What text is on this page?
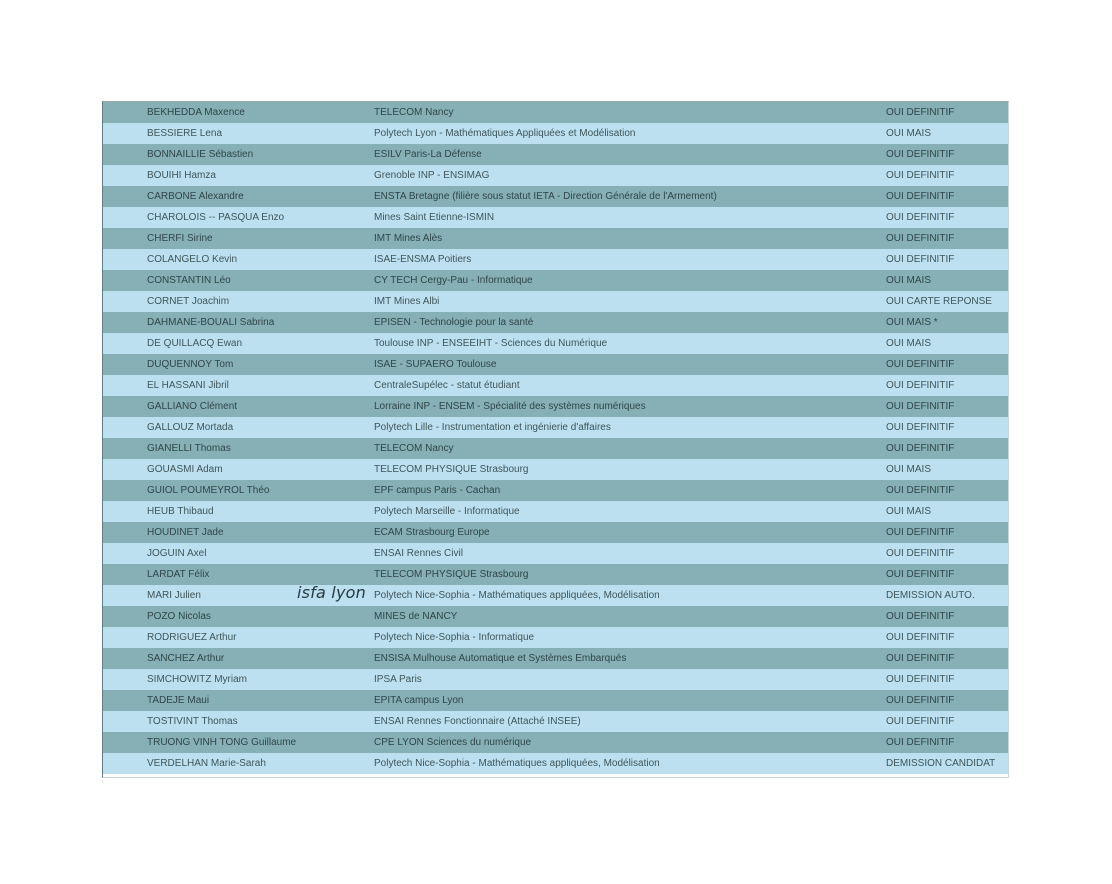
BEKHEDDA Maxence	TELECOM Nancy	OUI DEFINITIF
BESSIERE Lena	Polytech Lyon - Mathématiques Appliquées et Modélisation	OUI MAIS
BONNAILLIE Sébastien	ESILV Paris-La Défense	OUI DEFINITIF
BOUIHI Hamza	Grenoble INP - ENSIMAG	OUI DEFINITIF
CARBONE Alexandre	ENSTA Bretagne (filière sous statut IETA - Direction Générale de l'Armement)	OUI DEFINITIF
CHAROLOIS -- PASQUA Enzo	Mines Saint Etienne-ISMIN	OUI DEFINITIF
CHERFI Sirine	IMT Mines Alès	OUI DEFINITIF
COLANGELO Kevin	ISAE-ENSMA Poitiers	OUI DEFINITIF
CONSTANTIN Léo	CY TECH Cergy-Pau - Informatique	OUI MAIS
CORNET Joachim	IMT Mines Albi	OUI CARTE REPONSE
DAHMANE-BOUALI Sabrina	EPISEN - Technologie pour la santé	OUI MAIS *
DE QUILLACQ Ewan	Toulouse INP - ENSEEIHT - Sciences du Numérique	OUI MAIS
DUQUENNOY Tom	ISAE - SUPAERO Toulouse	OUI DEFINITIF
EL HASSANI Jibril	CentraleSupélec - statut étudiant	OUI DEFINITIF
GALLIANO Clément	Lorraine INP - ENSEM - Spécialité des systèmes numériques	OUI DEFINITIF
GALLOUZ Mortada	Polytech Lille - Instrumentation et ingénierie d'affaires	OUI DEFINITIF
GIANELLI Thomas	TELECOM Nancy	OUI DEFINITIF
GOUASMI Adam	TELECOM PHYSIQUE Strasbourg	OUI MAIS
GUIOL POUMEYROL Théo	EPF campus Paris - Cachan	OUI DEFINITIF
HEUB Thibaud	Polytech Marseille - Informatique	OUI MAIS
HOUDINET Jade	ECAM Strasbourg Europe	OUI DEFINITIF
JOGUIN Axel	ENSAI Rennes Civil	OUI DEFINITIF
LARDAT Félix	TELECOM PHYSIQUE Strasbourg	OUI DEFINITIF
MARI Julien	isfa lyon Polytech Nice-Sophia - Mathématiques appliquées, Modélisation	DEMISSION AUTO.
POZO Nicolas	MINES de NANCY	OUI DEFINITIF
RODRIGUEZ Arthur	Polytech Nice-Sophia - Informatique	OUI DEFINITIF
SANCHEZ Arthur	ENSISA Mulhouse Automatique et Systèmes Embarqués	OUI DEFINITIF
SIMCHOWITZ Myriam	IPSA Paris	OUI DEFINITIF
TADEJE Maui	EPITA campus Lyon	OUI DEFINITIF
TOSTIVINT Thomas	ENSAI Rennes Fonctionnaire (Attaché INSEE)	OUI DEFINITIF
TRUONG VINH TONG Guillaume	CPE LYON Sciences du numérique	OUI DEFINITIF
VERDELHAN Marie-Sarah	Polytech Nice-Sophia - Mathématiques appliquées, Modélisation	DEMISSION CANDIDAT
